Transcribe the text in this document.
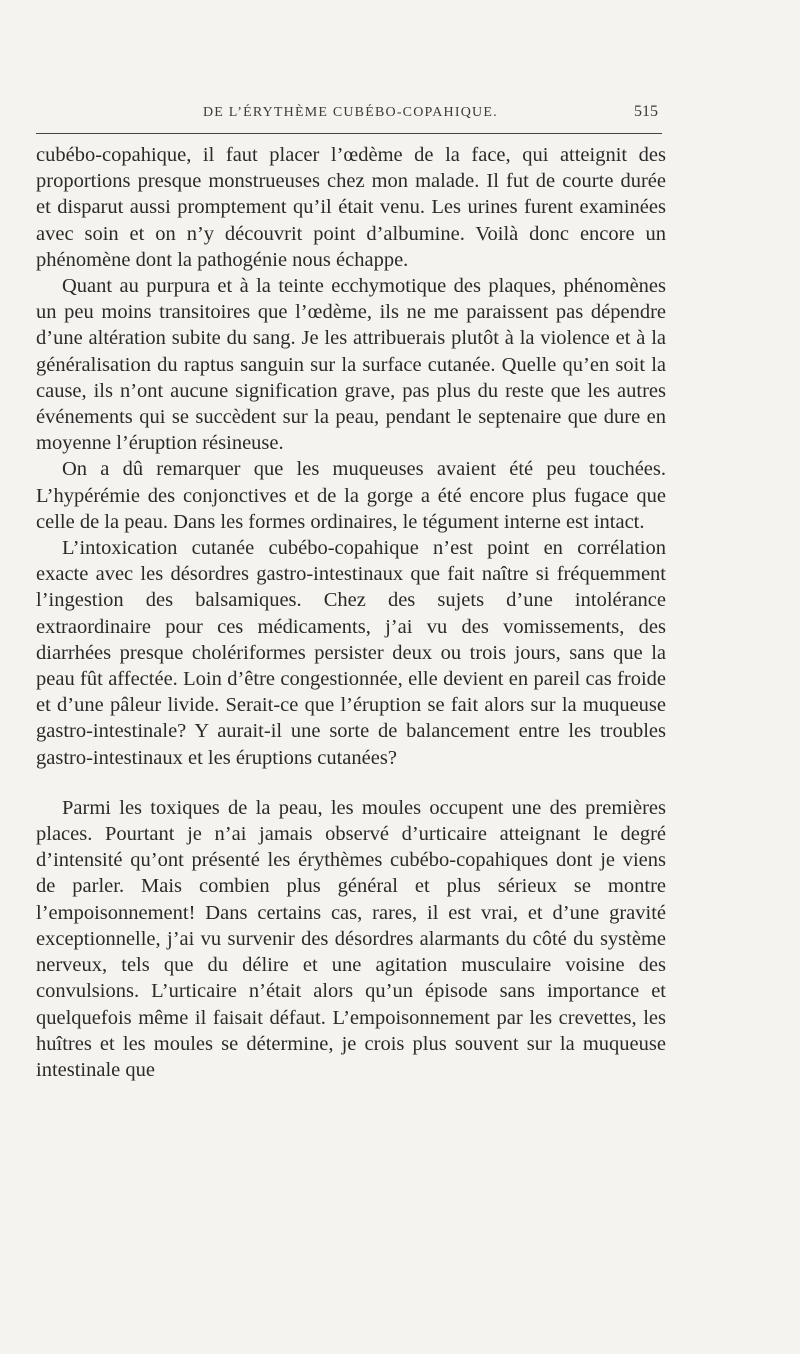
DE L’ÉRYTHÈME CUBÉBO-COPAHIQUE.	515

cubébo-copahique, il faut placer l’œdème de la face, qui atteignit des proportions presque monstrueuses chez mon malade. Il fut de courte durée et disparut aussi promptement qu’il était venu. Les urines furent examinées avec soin et on n’y découvrit point d’albumine. Voilà donc encore un phénomène dont la pathogénie nous échappe.

Quant au purpura et à la teinte ecchymotique des plaques, phénomènes un peu moins transitoires que l’œdème, ils ne me paraissent pas dépendre d’une altération subite du sang. Je les attribuerais plutôt à la violence et à la généralisation du raptus sanguin sur la surface cutanée. Quelle qu’en soit la cause, ils n’ont aucune signification grave, pas plus du reste que les autres événements qui se succèdent sur la peau, pendant le septenaire que dure en moyenne l’éruption résineuse.

On a dû remarquer que les muqueuses avaient été peu touchées. L’hypérémie des conjonctives et de la gorge a été encore plus fugace que celle de la peau. Dans les formes ordinaires, le tégument interne est intact.

L’intoxication cutanée cubébo-copahique n’est point en corrélation exacte avec les désordres gastro-intestinaux que fait naître si fréquemment l’ingestion des balsamiques. Chez des sujets d’une intolérance extraordinaire pour ces médicaments, j’ai vu des vomissements, des diarrhées presque cholériformes persister deux ou trois jours, sans que la peau fût affectée. Loin d’être congestionnée, elle devient en pareil cas froide et d’une pâleur livide. Serait-ce que l’éruption se fait alors sur la muqueuse gastro-intestinale? Y aurait-il une sorte de balancement entre les troubles gastro-intestinaux et les éruptions cutanées?

Parmi les toxiques de la peau, les moules occupent une des premières places. Pourtant je n’ai jamais observé d’urticaire atteignant le degré d’intensité qu’ont présenté les érythèmes cubébo-copahiques dont je viens de parler. Mais combien plus général et plus sérieux se montre l’empoisonnement! Dans certains cas, rares, il est vrai, et d’une gravité exceptionnelle, j’ai vu survenir des désordres alarmants du côté du système nerveux, tels que du délire et une agitation musculaire voisine des convulsions. L’urticaire n’était alors qu’un épisode sans importance et quelquefois même il faisait défaut. L’empoisonnement par les crevettes, les huîtres et les moules se détermine, je crois plus souvent sur la muqueuse intestinale que
